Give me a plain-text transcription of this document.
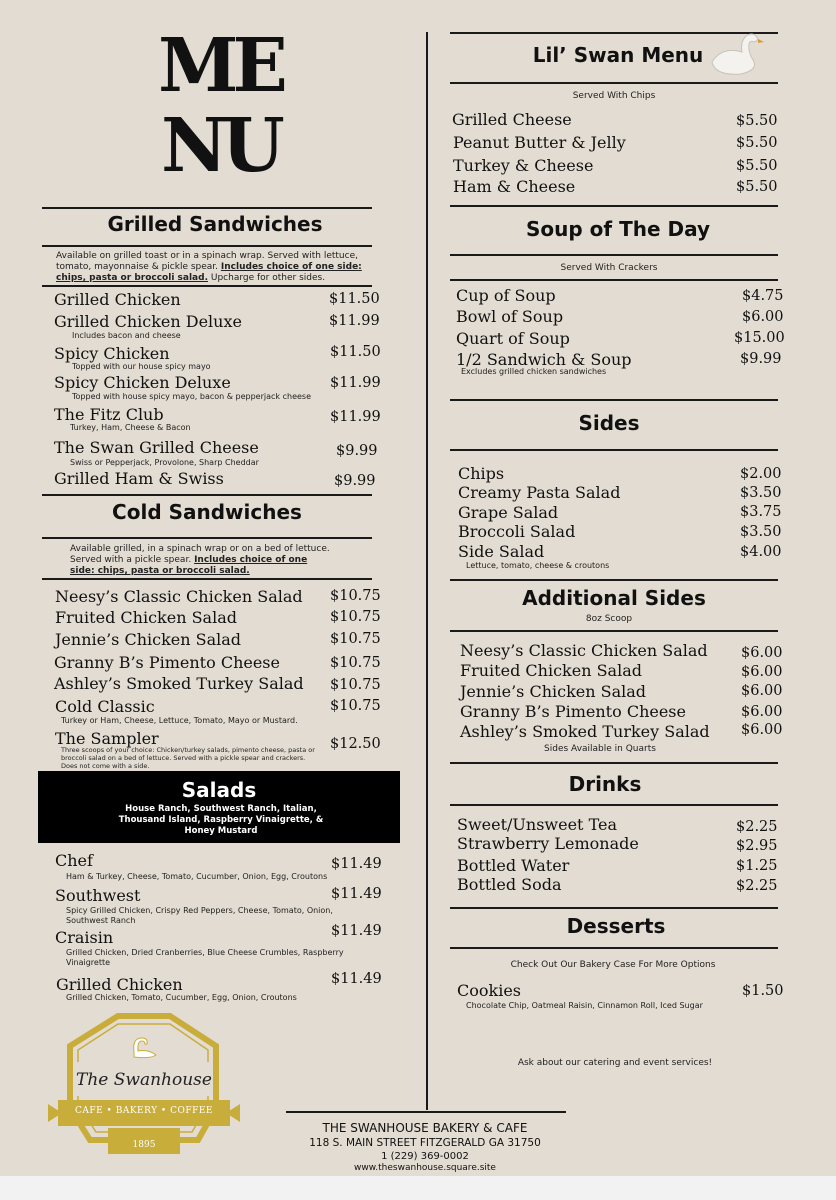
ME
NU
Grilled Sandwiches
Available on grilled toast or in a spinach wrap. Served with lettuce, tomato, mayonnaise & pickle spear. Includes choice of one side: chips, pasta or broccoli salad. Upcharge for other sides.
Grilled Chicken	$11.50
Grilled Chicken Deluxe	$11.99
Includes bacon and cheese
Spicy Chicken	$11.50
Topped with our house spicy mayo
Spicy Chicken Deluxe	$11.99
Topped with house spicy mayo, bacon & pepperjack cheese
The Fitz Club	$11.99
Turkey, Ham, Cheese & Bacon
The Swan Grilled Cheese	$9.99
Swiss or Pepperjack, Provolone, Sharp Cheddar
Grilled Ham & Swiss	$9.99
Cold Sandwiches
Available grilled, in a spinach wrap or on a bed of lettuce. Served with a pickle spear. Includes choice of one side: chips, pasta or broccoli salad.
Neesy’s Classic Chicken Salad $10.75
Fruited Chicken Salad	$10.75
Jennie’s Chicken Salad	$10.75
Granny B’s Pimento Cheese	$10.75
Ashley’s Smoked Turkey Salad $10.75
Cold Classic	$10.75
Turkey or Ham, Cheese, Lettuce, Tomato, Mayo or Mustard.
The Sampler	$12.50
Three scoops of your choice: Chicken/turkey salads, pimento cheese, pasta or broccoli salad on a bed of lettuce. Served with a pickle spear and crackers. Does not come with a side.
Salads
House Ranch, Southwest Ranch, Italian, Thousand Island, Raspberry Vinaigrette, & Honey Mustard
Chef	$11.49
Ham & Turkey, Cheese, Tomato, Cucumber, Onion, Egg, Croutons
Southwest	$11.49
Spicy Grilled Chicken, Crispy Red Peppers, Cheese, Tomato, Onion, Southwest Ranch
Craisin	$11.49
Grilled Chicken, Dried Cranberries, Blue Cheese Crumbles, Raspberry Vinaigrette
Grilled Chicken	$11.49
Grilled Chicken, Tomato, Cucumber, Egg, Onion, Croutons
The Swanhouse
CAFE • BAKERY • COFFEE
1895
Lil’ Swan Menu
Served With Chips
Grilled Cheese	$5.50
Peanut Butter & Jelly	$5.50
Turkey & Cheese	$5.50
Ham & Cheese	$5.50
Soup of The Day
Served With Crackers
Cup of Soup	$4.75
Bowl of Soup	$6.00
Quart of Soup	$15.00
1/2 Sandwich & Soup	$9.99
Excludes grilled chicken sandwiches
Sides
Chips	$2.00
Creamy Pasta Salad	$3.50
Grape Salad	$3.75
Broccoli Salad	$3.50
Side Salad	$4.00
Lettuce, tomato, cheese & croutons
Additional Sides
8oz Scoop
Neesy’s Classic Chicken Salad $6.00
Fruited Chicken Salad	$6.00
Jennie’s Chicken Salad	$6.00
Granny B’s Pimento Cheese	$6.00
Ashley’s Smoked Turkey Salad $6.00
Sides Available in Quarts
Drinks
Sweet/Unsweet Tea	$2.25
Strawberry Lemonade	$2.95
Bottled Water	$1.25
Bottled Soda	$2.25
Desserts
Check Out Our Bakery Case For More Options
Cookies	$1.50
Chocolate Chip, Oatmeal Raisin, Cinnamon Roll, Iced Sugar
Ask about our catering and event services!
THE SWANHOUSE BAKERY & CAFE
118 S. MAIN STREET FITZGERALD GA 31750
1 (229) 369-0002
www.theswanhouse.square.site
